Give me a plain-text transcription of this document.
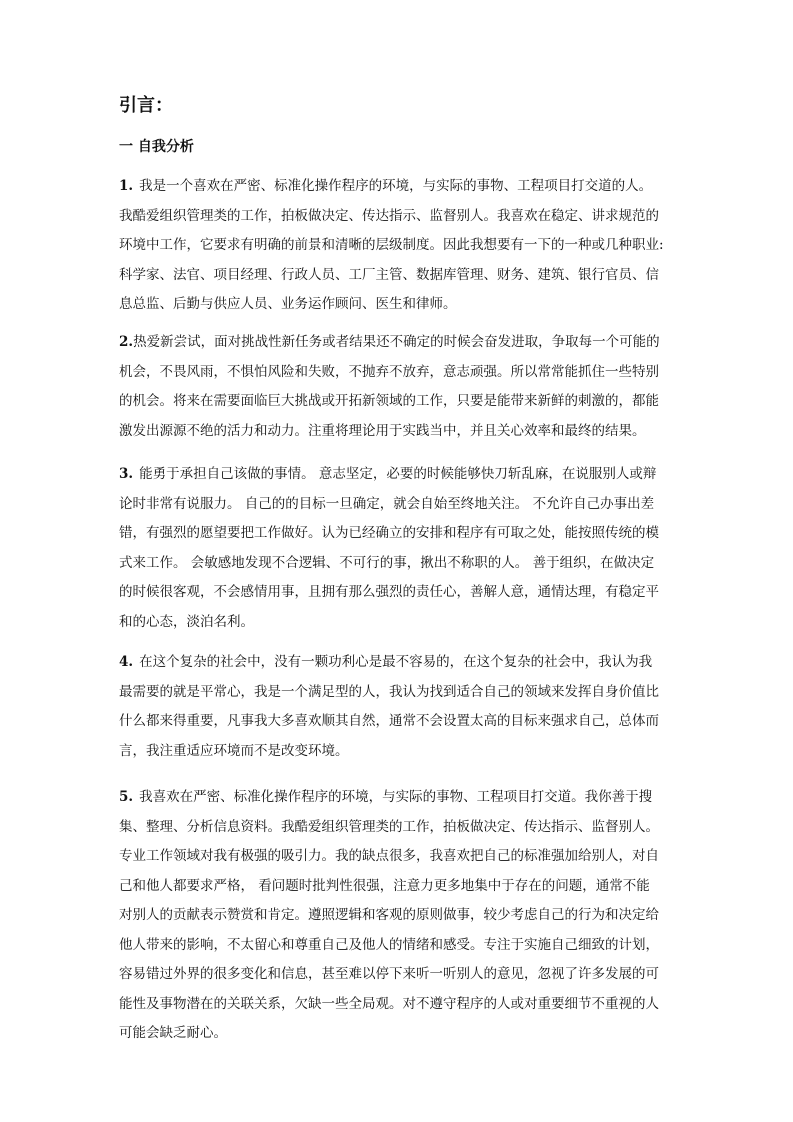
引言：
一 自我分析
1. 我是一个喜欢在严密、标准化操作程序的环境，与实际的事物、工程项目打交道的人。
我酷爱组织管理类的工作，拍板做决定、传达指示、监督别人。我喜欢在稳定、讲求规范的
环境中工作，它要求有明确的前景和清晰的层级制度。因此我想要有一下的一种或几种职业:
科学家、法官、项目经理、行政人员、工厂主管、数据库管理、财务、建筑、银行官员、信
息总监、后勤与供应人员、业务运作顾问、医生和律师。
2.热爱新尝试，面对挑战性新任务或者结果还不确定的时候会奋发进取，争取每一个可能的
机会，不畏风雨，不惧怕风险和失败，不抛弃不放弃，意志顽强。所以常常能抓住一些特别
的机会。将来在需要面临巨大挑战或开拓新领域的工作，只要是能带来新鲜的刺激的，都能
激发出源源不绝的活力和动力。注重将理论用于实践当中，并且关心效率和最终的结果。
3. 能勇于承担自己该做的事情。 意志坚定，必要的时候能够快刀斩乱麻，在说服别人或辩
论时非常有说服力。 自己的的目标一旦确定，就会自始至终地关注。 不允许自己办事出差
错，有强烈的愿望要把工作做好。认为已经确立的安排和程序有可取之处，能按照传统的模
式来工作。 会敏感地发现不合逻辑、不可行的事，揪出不称职的人。 善于组织，在做决定
的时候很客观，不会感情用事，且拥有那么强烈的责任心，善解人意，通情达理，有稳定平
和的心态，淡泊名利。
4. 在这个复杂的社会中，没有一颗功利心是最不容易的，在这个复杂的社会中，我认为我
最需要的就是平常心，我是一个满足型的人，我认为找到适合自己的领域来发挥自身价值比
什么都来得重要，凡事我大多喜欢顺其自然，通常不会设置太高的目标来强求自己，总体而
言，我注重适应环境而不是改变环境。
5. 我喜欢在严密、标准化操作程序的环境，与实际的事物、工程项目打交道。我你善于搜
集、整理、分析信息资料。我酷爱组织管理类的工作，拍板做决定、传达指示、监督别人。
专业工作领域对我有极强的吸引力。我的缺点很多，我喜欢把自己的标准强加给别人，对自
己和他人都要求严格， 看问题时批判性很强，注意力更多地集中于存在的问题，通常不能
对别人的贡献表示赞赏和肯定。遵照逻辑和客观的原则做事，较少考虑自己的行为和决定给
他人带来的影响，不太留心和尊重自己及他人的情绪和感受。专注于实施自己细致的计划，
容易错过外界的很多变化和信息，甚至难以停下来听一听别人的意见，忽视了许多发展的可
能性及事物潜在的关联关系，欠缺一些全局观。对不遵守程序的人或对重要细节不重视的人
可能会缺乏耐心。
